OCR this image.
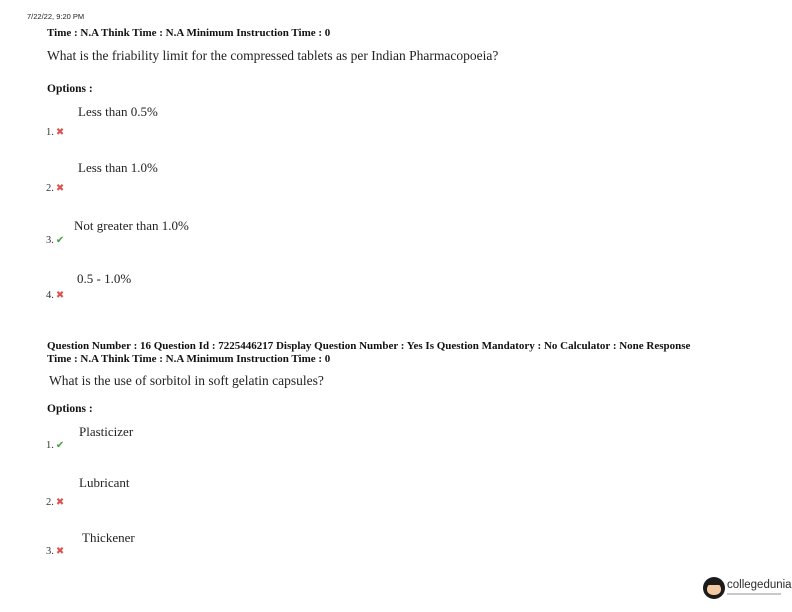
7/22/22, 9:20 PM
Time : N.A Think Time : N.A Minimum Instruction Time : 0
What is the friability limit for the compressed tablets as per Indian Pharmacopoeia?
Options :
Less than 0.5%
1. ✖
Less than 1.0%
2. ✖
Not greater than 1.0%
3. ✔
0.5 - 1.0%
4. ✖
Question Number : 16 Question Id : 7225446217 Display Question Number : Yes Is Question Mandatory : No Calculator : None Response
Time : N.A Think Time : N.A Minimum Instruction Time : 0
What is the use of sorbitol in soft gelatin capsules?
Options :
Plasticizer
1. ✔
Lubricant
2. ✖
Thickener
3. ✖
collegedunia
